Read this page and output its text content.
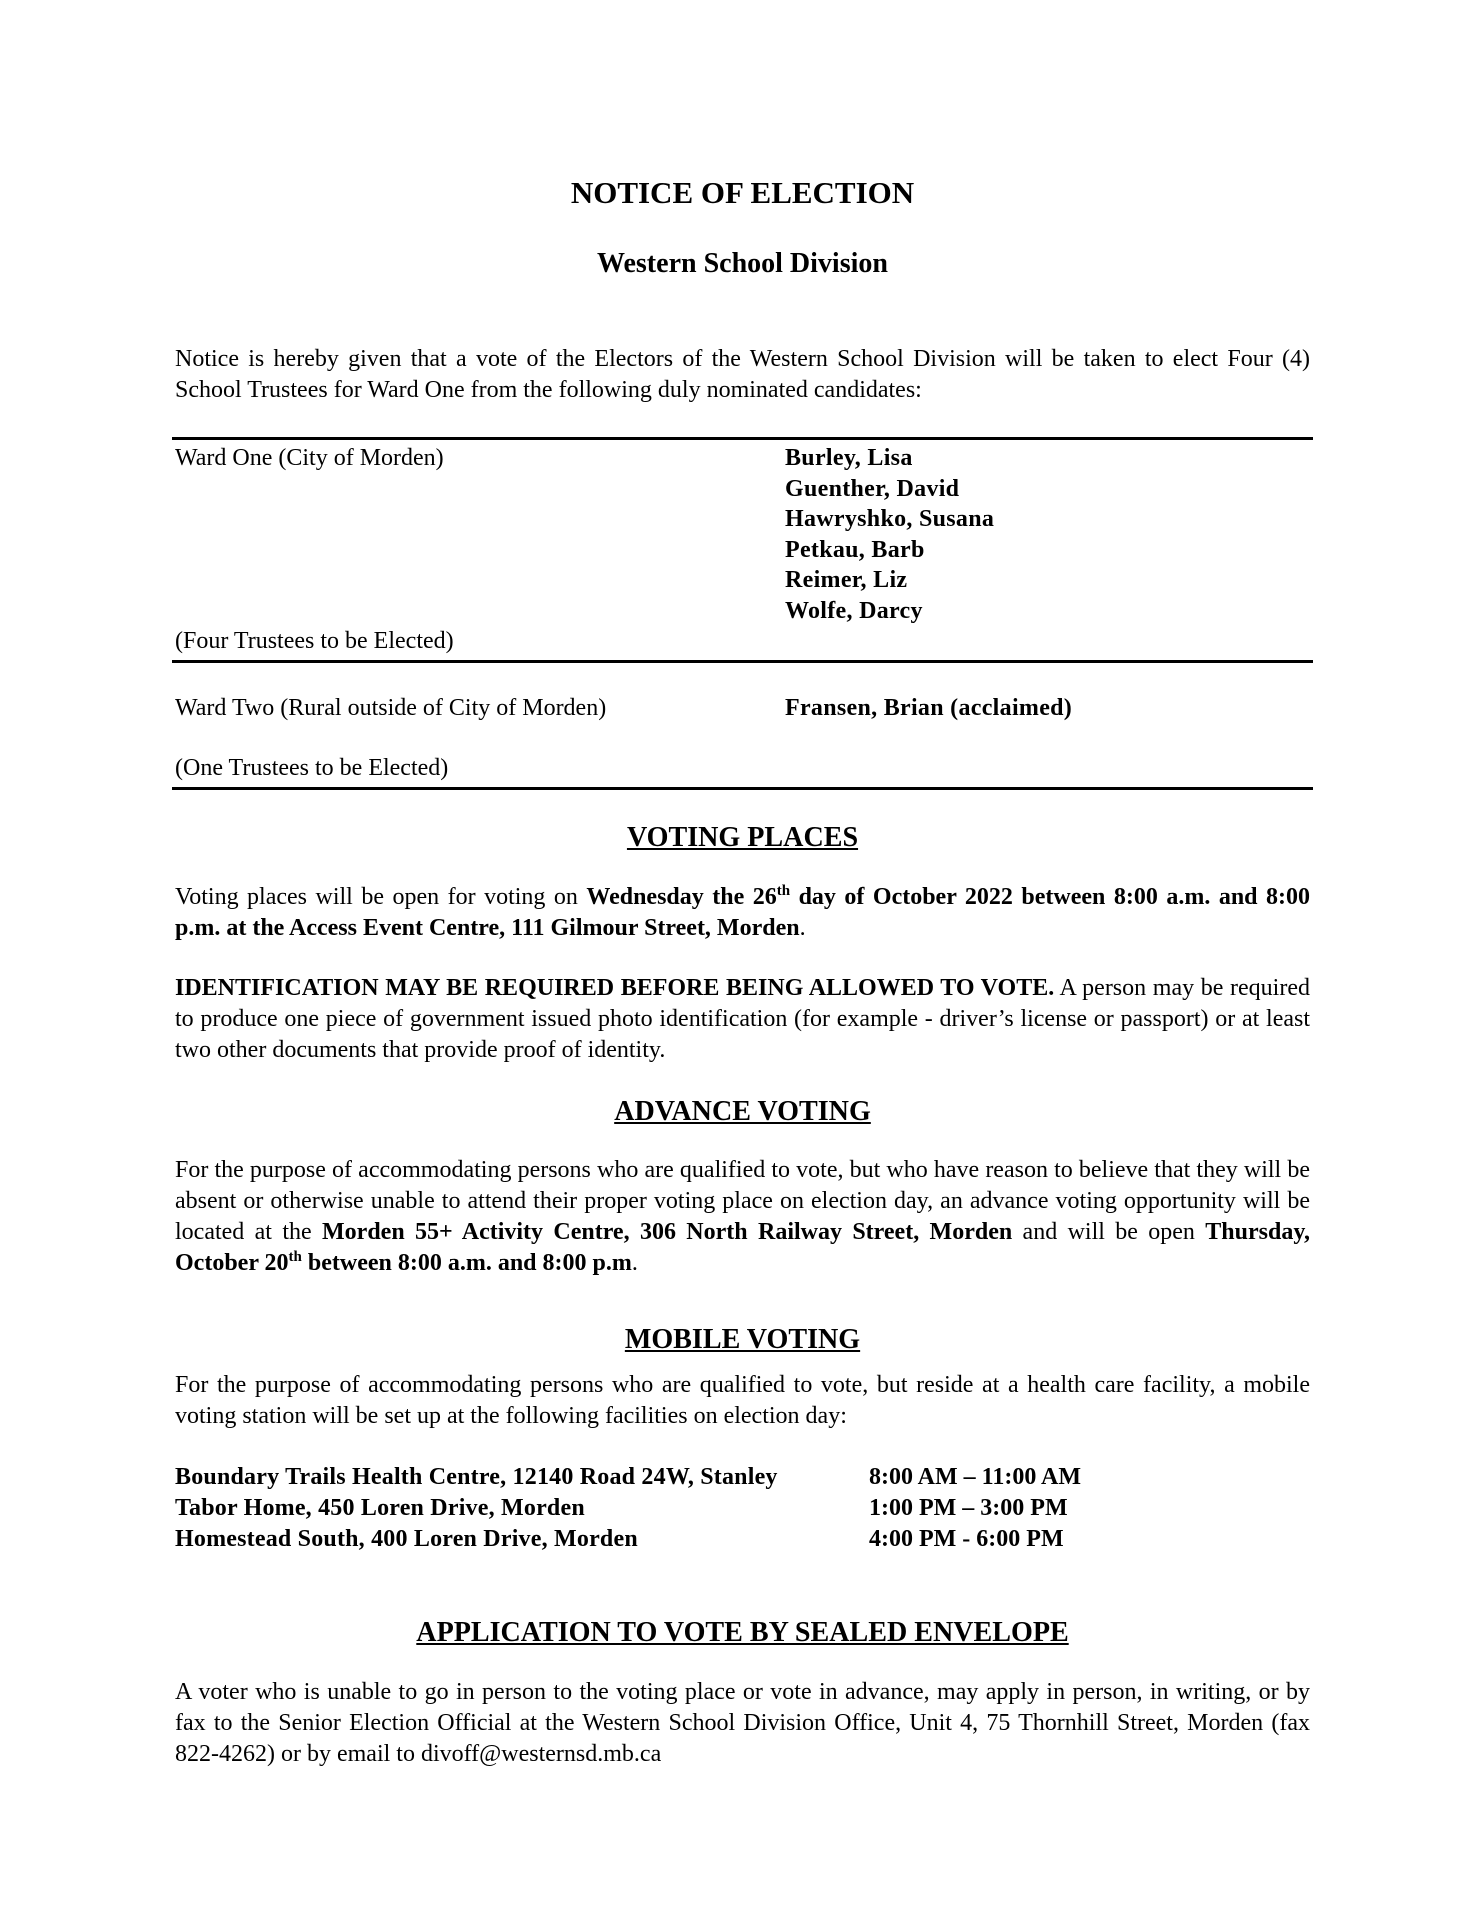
NOTICE OF ELECTION
Western School Division

Notice is hereby given that a vote of the Electors of the Western School Division will be taken to elect Four (4) School Trustees for Ward One from the following duly nominated candidates:

Ward One (City of Morden)	Burley, Lisa
Guenther, David
Hawryshko, Susana
Petkau, Barb
Reimer, Liz
Wolfe, Darcy

(Four Trustees to be Elected)

Ward Two (Rural outside of City of Morden)	Fransen, Brian (acclaimed)

(One Trustees to be Elected)

VOTING PLACES

Voting places will be open for voting on Wednesday the 26th day of October 2022 between 8:00 a.m. and 8:00 p.m. at the Access Event Centre, 111 Gilmour Street, Morden.

IDENTIFICATION MAY BE REQUIRED BEFORE BEING ALLOWED TO VOTE. A person may be required to produce one piece of government issued photo identification (for example - driver’s license or passport) or at least two other documents that provide proof of identity.

ADVANCE VOTING

For the purpose of accommodating persons who are qualified to vote, but who have reason to believe that they will be absent or otherwise unable to attend their proper voting place on election day, an advance voting opportunity will be located at the Morden 55+ Activity Centre, 306 North Railway Street, Morden and will be open Thursday, October 20th between 8:00 a.m. and 8:00 p.m.

MOBILE VOTING

For the purpose of accommodating persons who are qualified to vote, but reside at a health care facility, a mobile voting station will be set up at the following facilities on election day:

Boundary Trails Health Centre, 12140 Road 24W, Stanley	8:00 AM – 11:00 AM
Tabor Home, 450 Loren Drive, Morden	1:00 PM – 3:00 PM
Homestead South, 400 Loren Drive, Morden	4:00 PM - 6:00 PM
APPLICATION TO VOTE BY SEALED ENVELOPE

A voter who is unable to go in person to the voting place or vote in advance, may apply in person, in writing, or by fax to the Senior Election Official at the Western School Division Office, Unit 4, 75 Thornhill Street, Morden (fax 822-4262) or by email to divoff@westernsd.mb.ca
